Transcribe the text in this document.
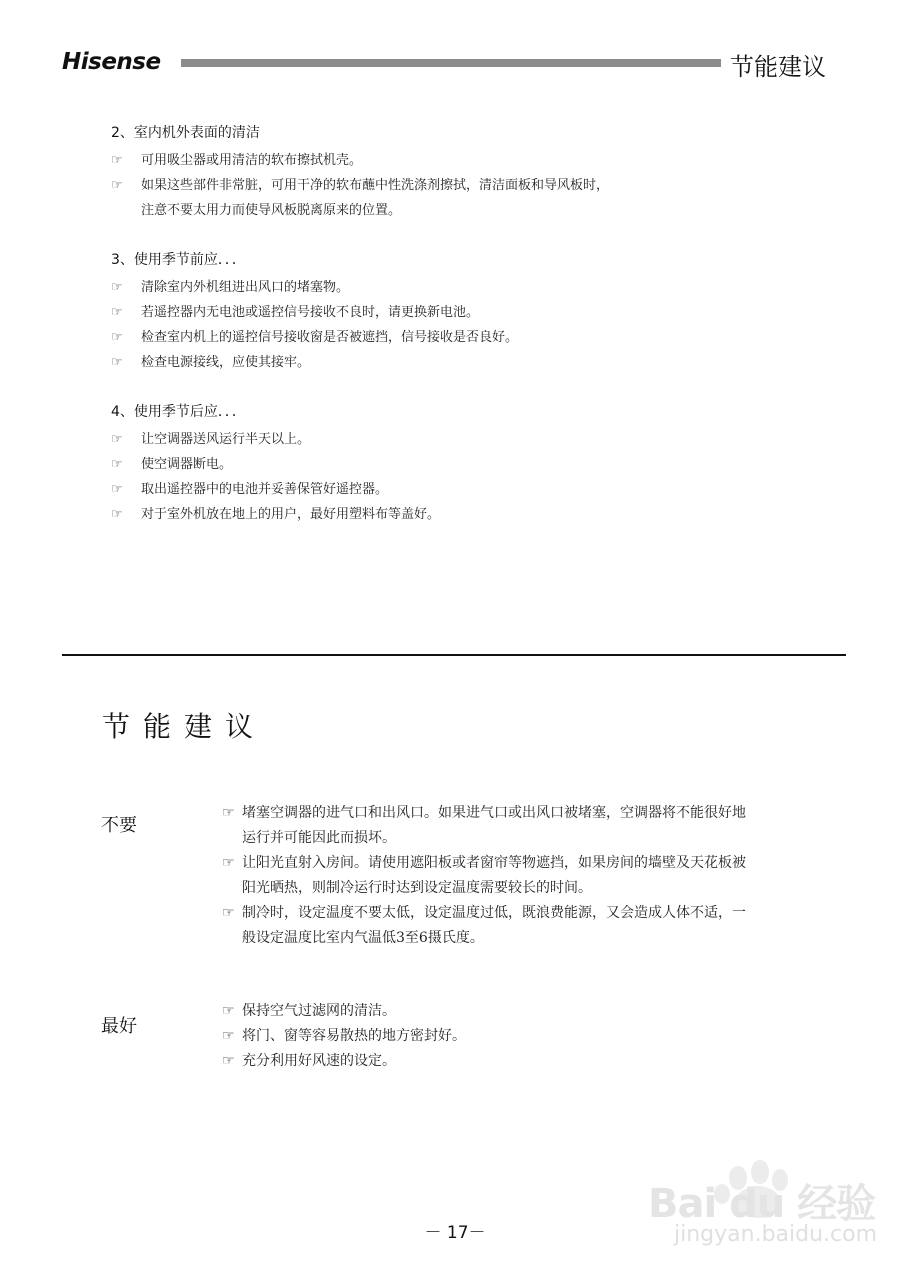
Hisense	节能建议
2、室内机外表面的清洁
☞ 可用吸尘器或用清洁的软布擦拭机壳。
☞ 如果这些部件非常脏，可用干净的软布蘸中性洗涤剂擦拭，清洁面板和导风板时，
注意不要太用力而使导风板脱离原来的位置。
3、使用季节前应．．．
☞ 清除室内外机组进出风口的堵塞物。
☞ 若遥控器内无电池或遥控信号接收不良时，请更换新电池。
☞ 检查室内机上的遥控信号接收窗是否被遮挡，信号接收是否良好。
☞ 检查电源接线，应使其接牢。
4、使用季节后应．．．
☞ 让空调器送风运行半天以上。
☞ 使空调器断电。
☞ 取出遥控器中的电池并妥善保管好遥控器。
☞ 对于室外机放在地上的用户，最好用塑料布等盖好。
节能建议
不要
☞ 堵塞空调器的进气口和出风口。如果进气口或出风口被堵塞，空调器将不能很好地
运行并可能因此而损坏。
☞ 让阳光直射入房间。请使用遮阳板或者窗帘等物遮挡，如果房间的墙壁及天花板被
阳光晒热，则制冷运行时达到设定温度需要较长的时间。
☞ 制冷时，设定温度不要太低，设定温度过低，既浪费能源，又会造成人体不适，一
般设定温度比室内气温低3至6摄氏度。
最好
☞ 保持空气过滤网的清洁。
☞ 将门、窗等容易散热的地方密封好。
☞ 充分利用好风速的设定。
Bai du 经验
jingyan.baidu.com
－ 17－
